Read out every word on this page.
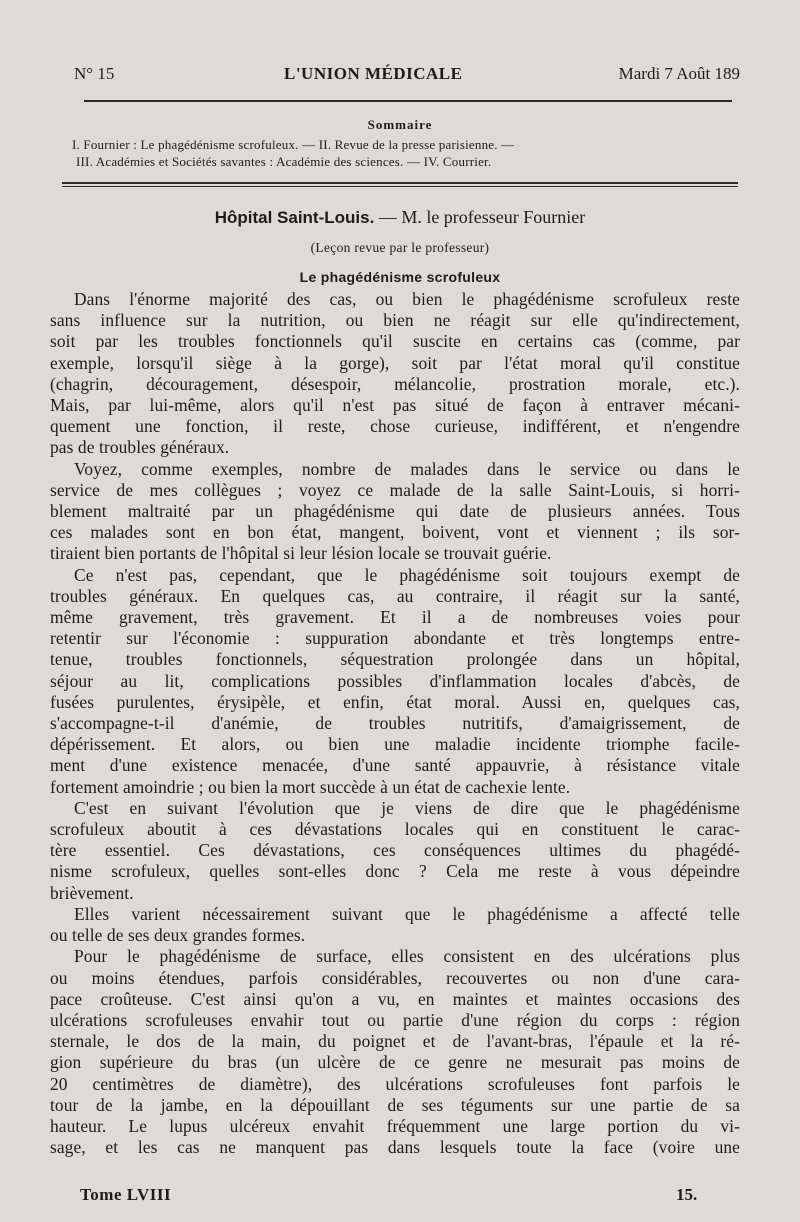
N° 15	L'UNION MÉDICALE	Mardi 7 Août 189
Sommaire
I. Fournier : Le phagédénisme scrofuleux. — II. Revue de la presse parisienne. —
III. Académies et Sociétés savantes : Académie des sciences. — IV. Courrier.
Hôpital Saint-Louis. — M. le professeur Fournier
(Leçon revue par le professeur)
Le phagédénisme scrofuleux
Dans l'énorme majorité des cas, ou bien le phagédénisme scrofuleux reste
sans influence sur la nutrition, ou bien ne réagit sur elle qu'indirectement,
soit par les troubles fonctionnels qu'il suscite en certains cas (comme, par
exemple, lorsqu'il siège à la gorge), soit par l'état moral qu'il constitue
(chagrin, découragement, désespoir, mélancolie, prostration morale, etc.).
Mais, par lui-même, alors qu'il n'est pas situé de façon à entraver mécani-
quement une fonction, il reste, chose curieuse, indifférent, et n'engendre
pas de troubles généraux.
Voyez, comme exemples, nombre de malades dans le service ou dans le
service de mes collègues ; voyez ce malade de la salle Saint-Louis, si horri-
blement maltraité par un phagédénisme qui date de plusieurs années. Tous
ces malades sont en bon état, mangent, boivent, vont et viennent ; ils sor-
tiraient bien portants de l'hôpital si leur lésion locale se trouvait guérie.
Ce n'est pas, cependant, que le phagédénisme soit toujours exempt de
troubles généraux. En quelques cas, au contraire, il réagit sur la santé,
même gravement, très gravement. Et il a de nombreuses voies pour
retentir sur l'économie : suppuration abondante et très longtemps entre-
tenue, troubles fonctionnels, séquestration prolongée dans un hôpital,
séjour au lit, complications possibles d'inflammation locales d'abcès, de
fusées purulentes, érysipèle, et enfin, état moral. Aussi en, quelques cas,
s'accompagne-t-il d'anémie, de troubles nutritifs, d'amaigrissement, de
dépérissement. Et alors, ou bien une maladie incidente triomphe facile-
ment d'une existence menacée, d'une santé appauvrie, à résistance vitale
fortement amoindrie ; ou bien la mort succède à un état de cachexie lente.
C'est en suivant l'évolution que je viens de dire que le phagédénisme
scrofuleux aboutit à ces dévastations locales qui en constituent le carac-
tère essentiel. Ces dévastations, ces conséquences ultimes du phagédé-
nisme scrofuleux, quelles sont-elles donc ? Cela me reste à vous dépeindre
brièvement.
Elles varient nécessairement suivant que le phagédénisme a affecté telle
ou telle de ses deux grandes formes.
Pour le phagédénisme de surface, elles consistent en des ulcérations plus
ou moins étendues, parfois considérables, recouvertes ou non d'une cara-
pace croûteuse. C'est ainsi qu'on a vu, en maintes et maintes occasions des
ulcérations scrofuleuses envahir tout ou partie d'une région du corps : région
sternale, le dos de la main, du poignet et de l'avant-bras, l'épaule et la ré-
gion supérieure du bras (un ulcère de ce genre ne mesurait pas moins de
20 centimètres de diamètre), des ulcérations scrofuleuses font parfois le
tour de la jambe, en la dépouillant de ses téguments sur une partie de sa
hauteur. Le lupus ulcéreux envahit fréquemment une large portion du vi-
sage, et les cas ne manquent pas dans lesquels toute la face (voire une
Tome LVIII	15.
